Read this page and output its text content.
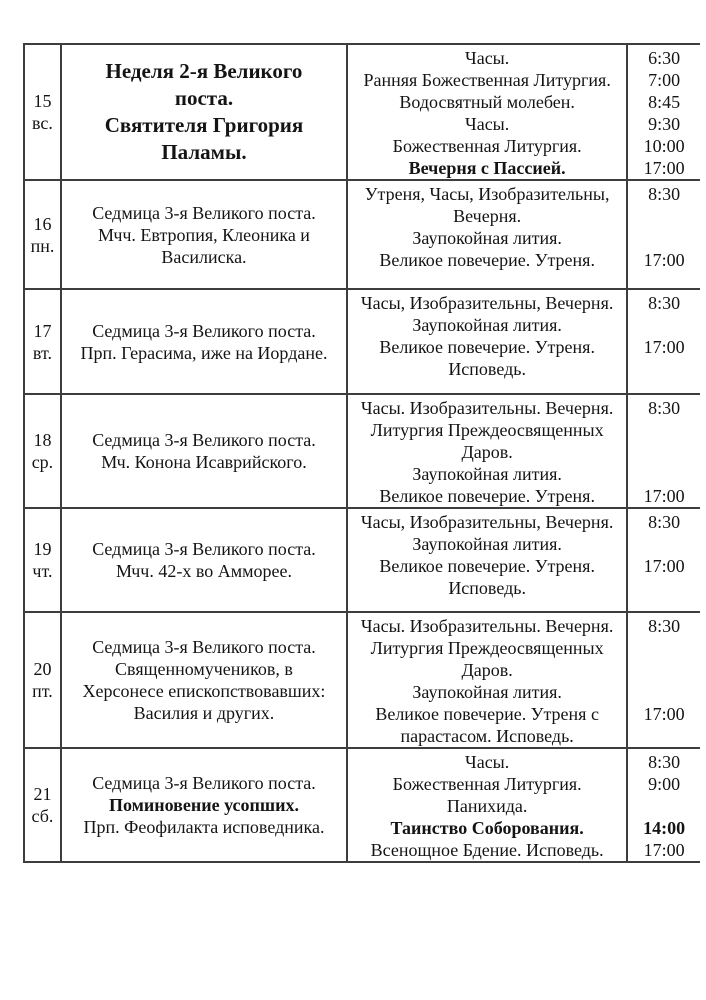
15
вс.
Неделя 2-я Великого
поста.
Святителя Григория
Паламы.
Часы.
Ранняя Божественная Литургия.
Водосвятный молебен.
Часы.
Божественная Литургия.
Вечерня с Пассией.
6:30
7:00
8:45
9:30
10:00
17:00
16
пн.
Седмица 3-я Великого поста.
Мчч. Евтропия, Клеоника и
Василиска.
Утреня, Часы, Изобразительны,
Вечерня.
Заупокойная лития.
Великое повечерие. Утреня.
8:30
17:00
17
вт.
Седмица 3-я Великого поста.
Прп. Герасима, иже на Иордане.
Часы, Изобразительны, Вечерня.
Заупокойная лития.
Великое повечерие. Утреня.
Исповедь.
8:30
17:00
18
ср.
Седмица 3-я Великого поста.
Мч. Конона Исаврийского.
Часы. Изобразительны. Вечерня.
Литургия Преждеосвященных
Даров.
Заупокойная лития.
Великое повечерие. Утреня.
8:30
17:00
19
чт.
Седмица 3-я Великого поста.
Мчч. 42-х во Амморее.
Часы, Изобразительны, Вечерня.
Заупокойная лития.
Великое повечерие. Утреня.
Исповедь.
8:30
17:00
20
пт.
Седмица 3-я Великого поста.
Священномучеников, в
Херсонесе епископствовавших:
Василия и других.
Часы. Изобразительны. Вечерня.
Литургия Преждеосвященных
Даров.
Заупокойная лития.
Великое повечерие. Утреня с
парастасом. Исповедь.
8:30
17:00
21
сб.
Седмица 3-я Великого поста.
Поминовение усопших.
Прп. Феофилакта исповедника.
Часы.
Божественная Литургия.
Панихида.
Таинство Соборования.
Всенощное Бдение. Исповедь.
8:30
9:00
14:00
17:00
